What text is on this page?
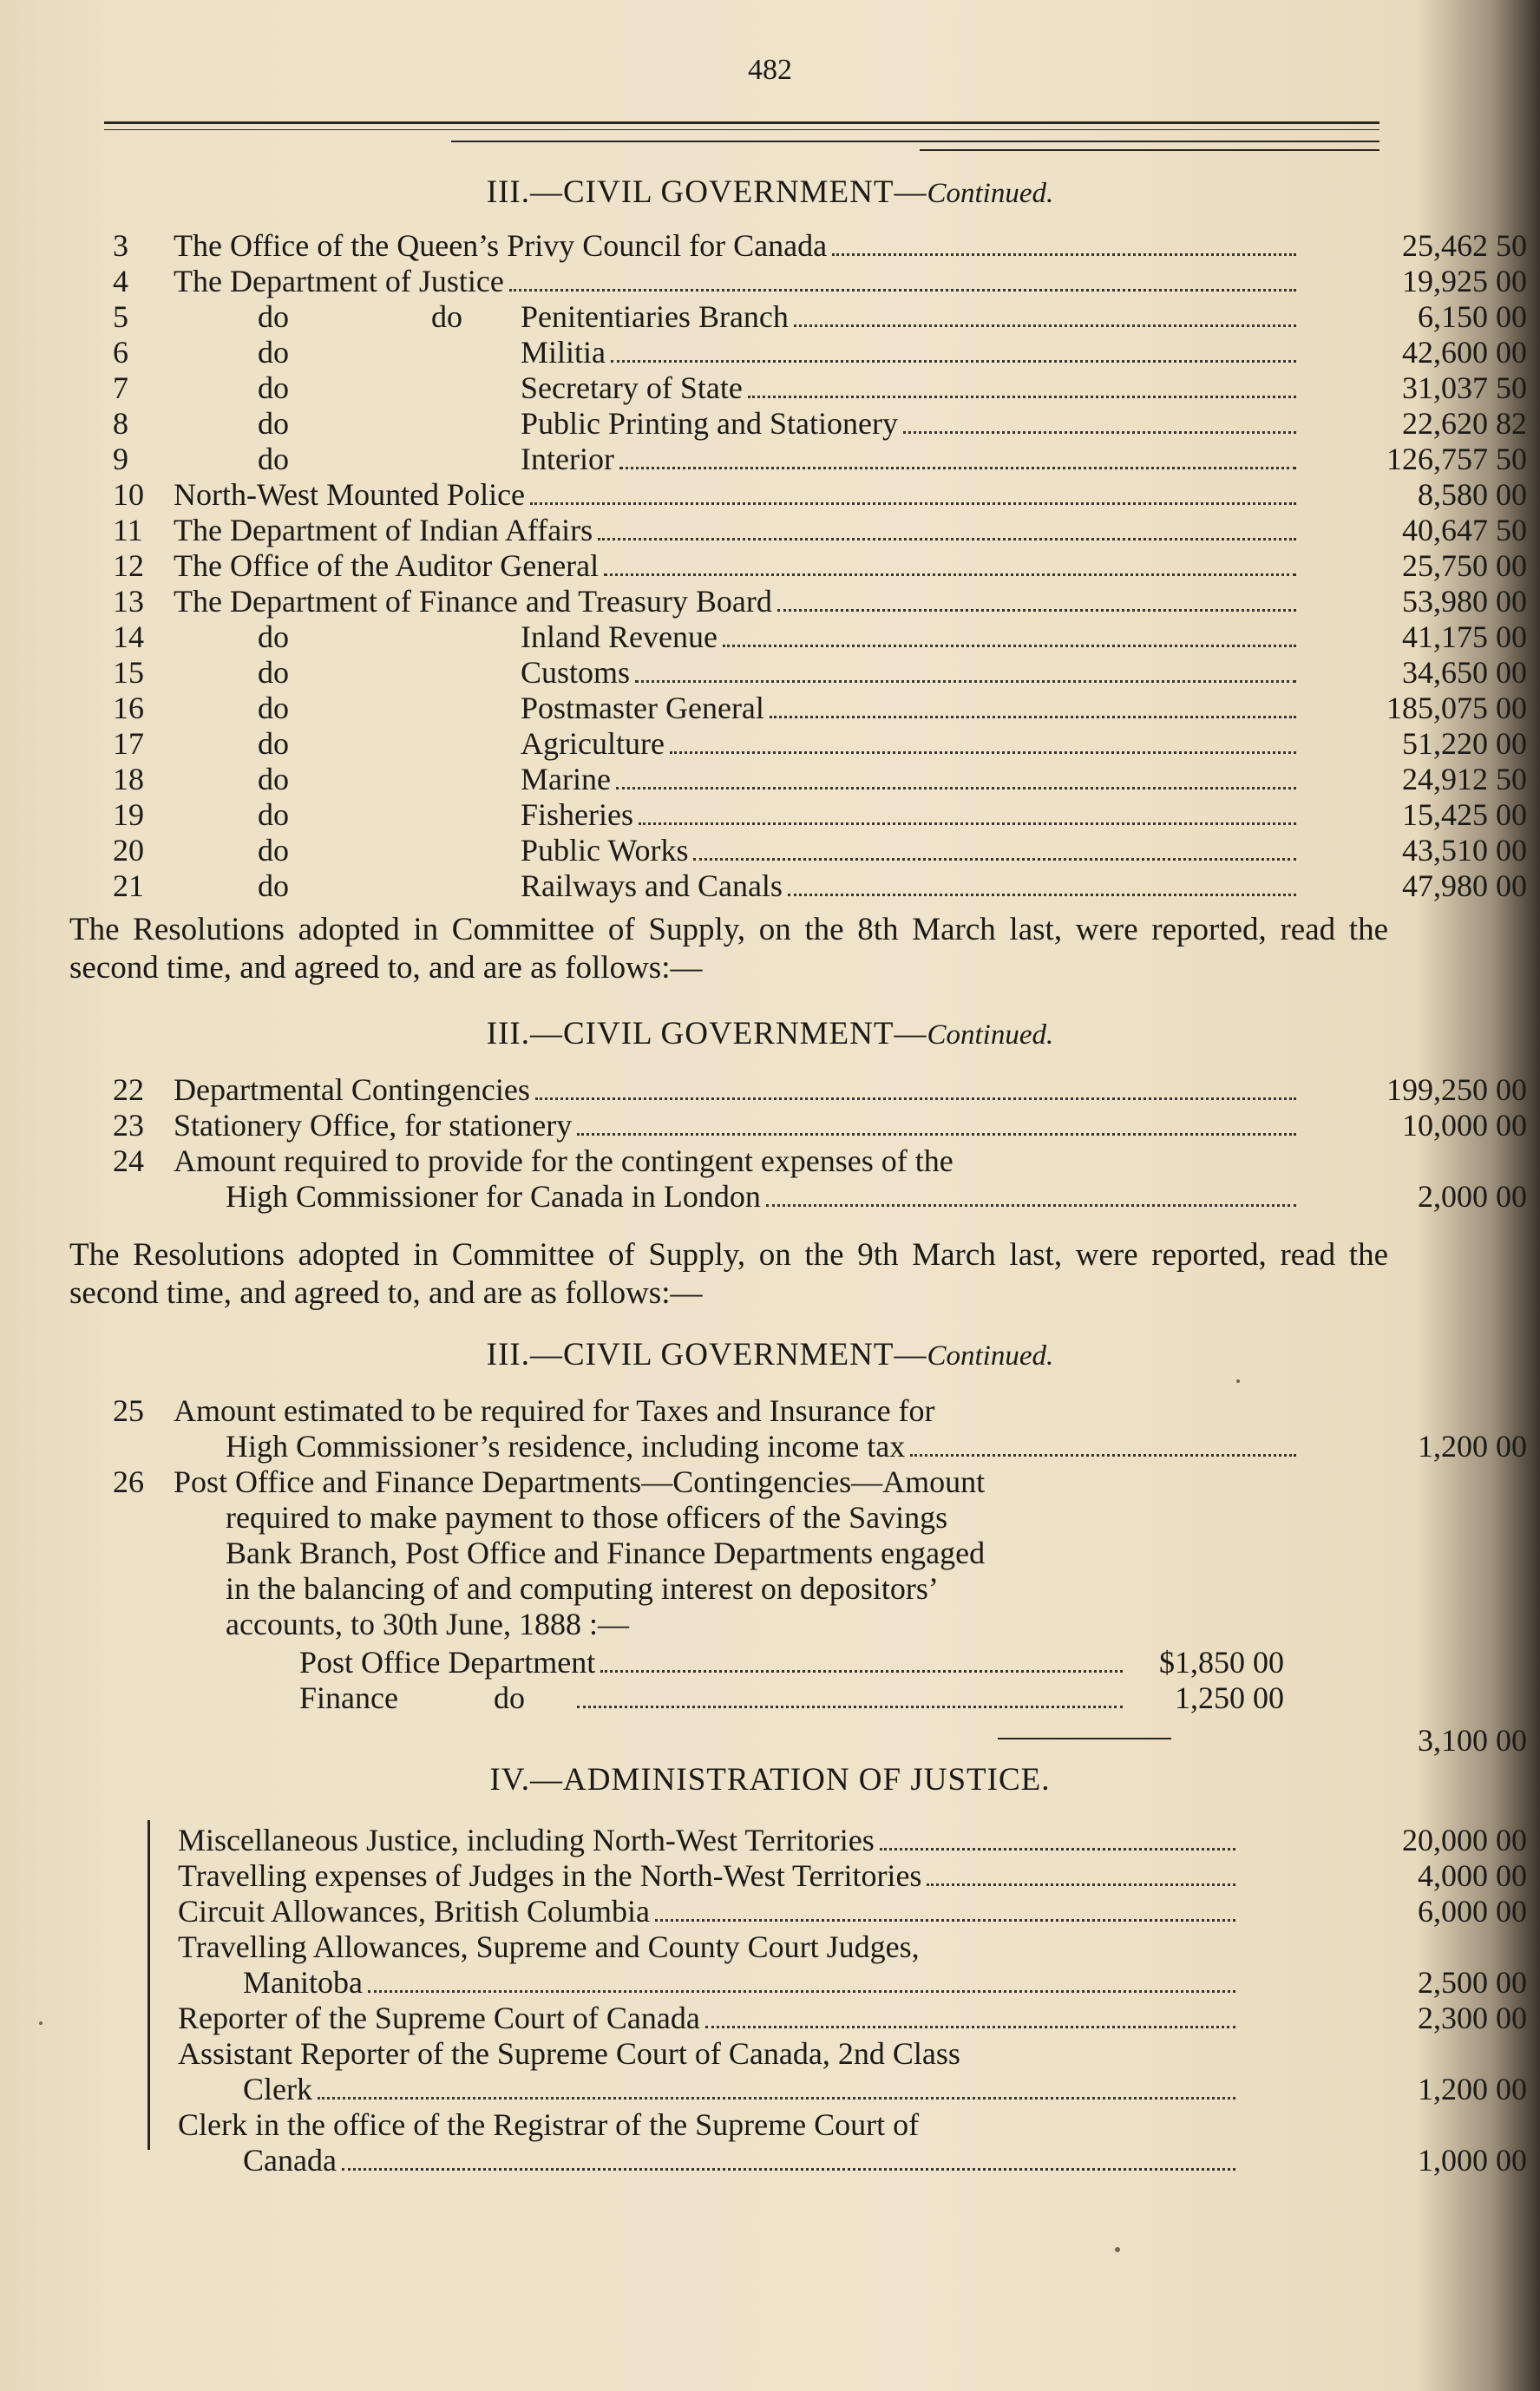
482
III.—CIVIL GOVERNMENT—Continued.
3	The Office of the Queen’s Privy Council for Canada	25,462 50
4	The Department of Justice	19,925 00
5	do	do	Penitentiaries Branch	6,150 00
6	do	Militia	42,600 00
7	do	Secretary of State	31,037 50
8	do	Public Printing and Stationery	22,620 82
9	do	Interior	126,757 50
10 North-West Mounted Police	8,580 00
11 The Department of Indian Affairs	40,647 50
12 The Office of the Auditor General	25,750 00
13 The Department of Finance and Treasury Board	53,980 00
14	do	Inland Revenue	41,175 00
15	do	Customs	34,650 00
16	do	Postmaster General	185,075 00
17	do	Agriculture	51,220 00
18	do	Marine	24,912 50
19	do	Fisheries	15,425 00
20	do	Public Works	43,510 00
21	do	Railways and Canals	47,980 00
The Resolutions adopted in Committee of Supply, on the 8th March last, were reported, read the second time, and agreed to, and are as follows:—
III.—CIVIL GOVERNMENT—Continued.
22 Departmental Contingencies	199,250 00
23 Stationery Office, for stationery	10,000 00
24 Amount required to provide for the contingent expenses of the
High Commissioner for Canada in London	2,000 00
The Resolutions adopted in Committee of Supply, on the 9th March last, were reported, read the second time, and agreed to, and are as follows:—
III.—CIVIL GOVERNMENT—Continued.
25 Amount estimated to be required for Taxes and Insurance for
High Commissioner’s residence, including income tax	1,200 00
26 Post Office and Finance Departments—Contingencies—Amount
required to make payment to those officers of the Savings
Bank Branch, Post Office and Finance Departments engaged
in the balancing of and computing interest on depositors’
accounts, to 30th June, 1888 :—
Post Office Department	$1,850 00
Finance	do	1,250 00
3,100 00
IV.—ADMINISTRATION OF JUSTICE.
Miscellaneous Justice, including North-West Territories	20,000 00
Travelling expenses of Judges in the North-West Territories	4,000 00
Circuit Allowances, British Columbia	6,000 00
Travelling Allowances, Supreme and County Court Judges,
Manitoba	2,500 00
Reporter of the Supreme Court of Canada	2,300 00
Assistant Reporter of the Supreme Court of Canada, 2nd Class
Clerk	1,200 00
Clerk in the office of the Registrar of the Supreme Court of
Canada	1,000 00
